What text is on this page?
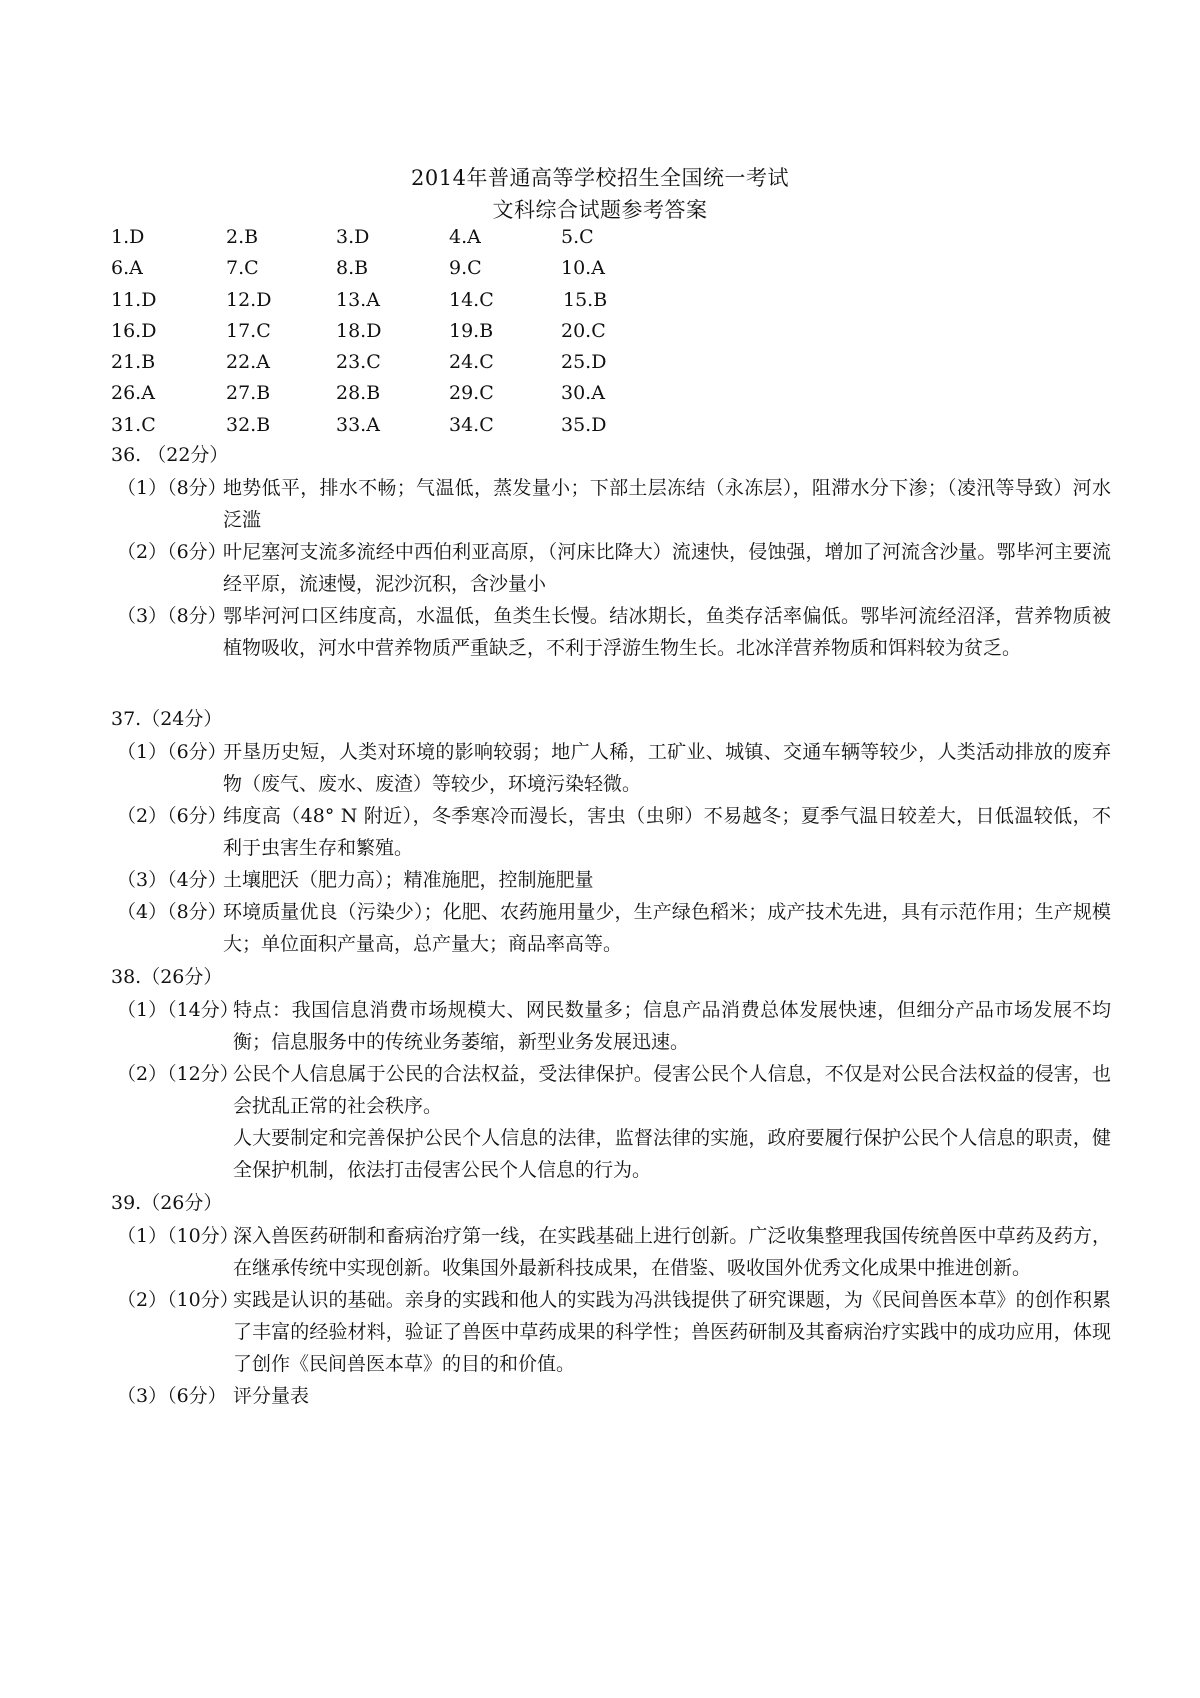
2014年普通高等学校招生全国统一考试
文科综合试题参考答案
1.D	2.B	3.D	4.A	5.C
6.A	7.C	8.B	9.C	10.A
11.D	12.D	13.A	14.C	15.B
16.D	17.C	18.D	19.B	20.C
21.B	22.A	23.C	24.C	25.D
26.A	27.B	28.B	29.C	30.A
31.C	32.B	33.A	34.C	35.D
36. （22分）
（1）（8分）
地势低平，排水不畅；气温低，蒸发量小；下部土层冻结（永冻层），阻滞水分下渗；（凌汛等导致）河水泛滥
（2）（6分）
叶尼塞河支流多流经中西伯利亚高原，（河床比降大）流速快，侵蚀强，增加了河流含沙量。鄂毕河主要流经平原，流速慢，泥沙沉积，含沙量小
（3）（8分）
鄂毕河河口区纬度高，水温低，鱼类生长慢。结冰期长，鱼类存活率偏低。鄂毕河流经沼泽，营养物质被植物吸收，河水中营养物质严重缺乏，不利于浮游生物生长。北冰洋营养物质和饵料较为贫乏。
37.（24分）
（1）（6分）
开垦历史短，人类对环境的影响较弱；地广人稀，工矿业、城镇、交通车辆等较少，人类活动排放的废弃物（废气、废水、废渣）等较少，环境污染轻微。
（2）（6分）
纬度高（48° N 附近），冬季寒冷而漫长，害虫（虫卵）不易越冬；夏季气温日较差大，日低温较低，不利于虫害生存和繁殖。
（3）（4分）
土壤肥沃（肥力高）；精准施肥，控制施肥量
（4）（8分）
环境质量优良（污染少）；化肥、农药施用量少，生产绿色稻米；成产技术先进，具有示范作用；生产规模大；单位面积产量高，总产量大；商品率高等。
38.（26分）
（1）（14分）
特点：我国信息消费市场规模大、网民数量多；信息产品消费总体发展快速，但细分产品市场发展不均衡；信息服务中的传统业务萎缩，新型业务发展迅速。
（2）（12分）
公民个人信息属于公民的合法权益，受法律保护。侵害公民个人信息，不仅是对公民合法权益的侵害，也会扰乱正常的社会秩序。
人大要制定和完善保护公民个人信息的法律，监督法律的实施，政府要履行保护公民个人信息的职责，健全保护机制，依法打击侵害公民个人信息的行为。
39.（26分）
（1）（10分）
深入兽医药研制和畜病治疗第一线，在实践基础上进行创新。广泛收集整理我国传统兽医中草药及药方，在继承传统中实现创新。收集国外最新科技成果，在借鉴、吸收国外优秀文化成果中推进创新。
（2）（10分）
实践是认识的基础。亲身的实践和他人的实践为冯洪钱提供了研究课题，为《民间兽医本草》的创作积累了丰富的经验材料，验证了兽医中草药成果的科学性；兽医药研制及其畜病治疗实践中的成功应用，体现了创作《民间兽医本草》的目的和价值。
（3）（6分） 评分量表
